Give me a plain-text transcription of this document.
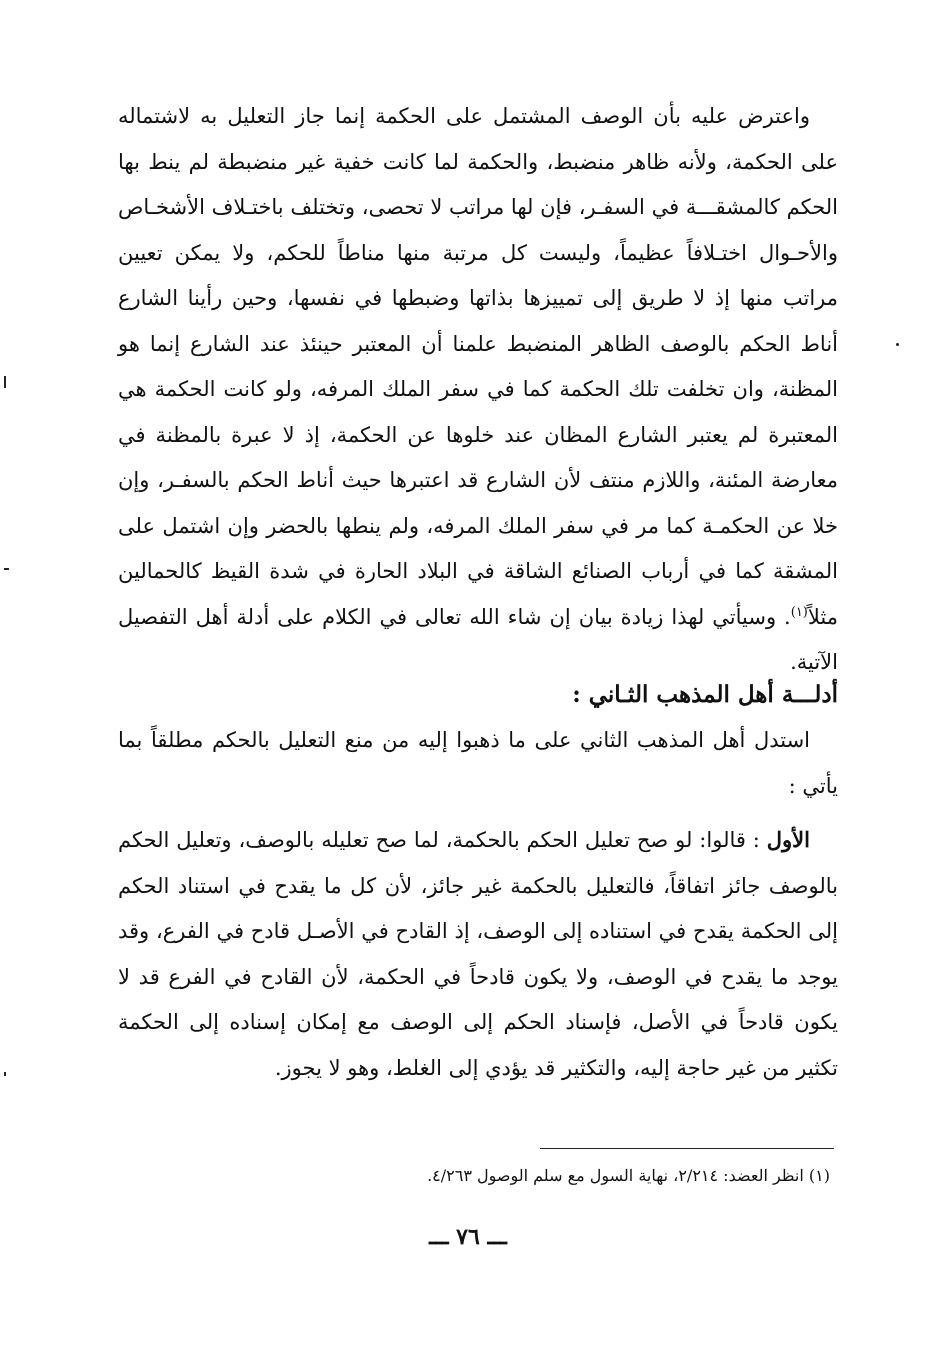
واعترض عليه بأن الوصف المشتمل على الحكمة إنما جاز التعليل به لاشتماله على الحكمة، ولأنه ظاهر منضبط، والحكمة لما كانت خفية غير منضبطة لم ينط بها الحكم كالمشقـــة في السفـر، فإن لها مراتب لا تحصى، وتختلف باختـلاف الأشخـاص والأحـوال اختـلافاً عظيماً، وليست كل مرتبة منها مناطاً للحكم، ولا يمكن تعيين مراتب منها إذ لا طريق إلى تمييزها بذاتها وضبطها في نفسها، وحين رأينا الشارع أناط الحكم بالوصف الظاهر المنضبط علمنا أن المعتبر حينئذ عند الشارع إنما هو المظنة، وان تخلفت تلك الحكمة كما في سفر الملك المرفه، ولو كانت الحكمة هي المعتبرة لم يعتبر الشارع المظان عند خلوها عن الحكمة، إذ لا عبرة بالمظنة في معارضة المئنة، واللازم منتف لأن الشارع قد اعتبرها حيث أناط الحكم بالسفـر، وإن خلا عن الحكمـة كما مر في سفر الملك المرفه، ولم ينطها بالحضر وإن اشتمل على المشقة كما في أرباب الصنائع الشاقة في البلاد الحارة في شدة القيظ كالحمالين مثلاً$^{(١)}$. وسيأتي لهذا زيادة بيان إن شاء الله تعالى في الكلام على أدلة أهل التفصيل الآتية.
أدلـــة أهل المذهب الثـاني :
استدل أهل المذهب الثاني على ما ذهبوا إليه من منع التعليل بالحكم مطلقاً بما يأتي :
الأول : قالوا: لو صح تعليل الحكم بالحكمة، لما صح تعليله بالوصف، وتعليل الحكم بالوصف جائز اتفاقاً، فالتعليل بالحكمة غير جائز، لأن كل ما يقدح في استناد الحكم إلى الحكمة يقدح في استناده إلى الوصف، إذ القادح في الأصـل قادح في الفرع، وقد يوجد ما يقدح في الوصف، ولا يكون قادحاً في الحكمة، لأن القادح في الفرع قد لا يكون قادحاً في الأصل، فإسناد الحكم إلى الوصف مع إمكان إسناده إلى الحكمة تكثير من غير حاجة إليه، والتكثير قد يؤدي إلى الغلط، وهو لا يجوز.
(١) انظر العضد: ٢/٢١٤، نهاية السول مع سلم الوصول ٤/٢٦٣.
ـــ ٧٦ ـــ
